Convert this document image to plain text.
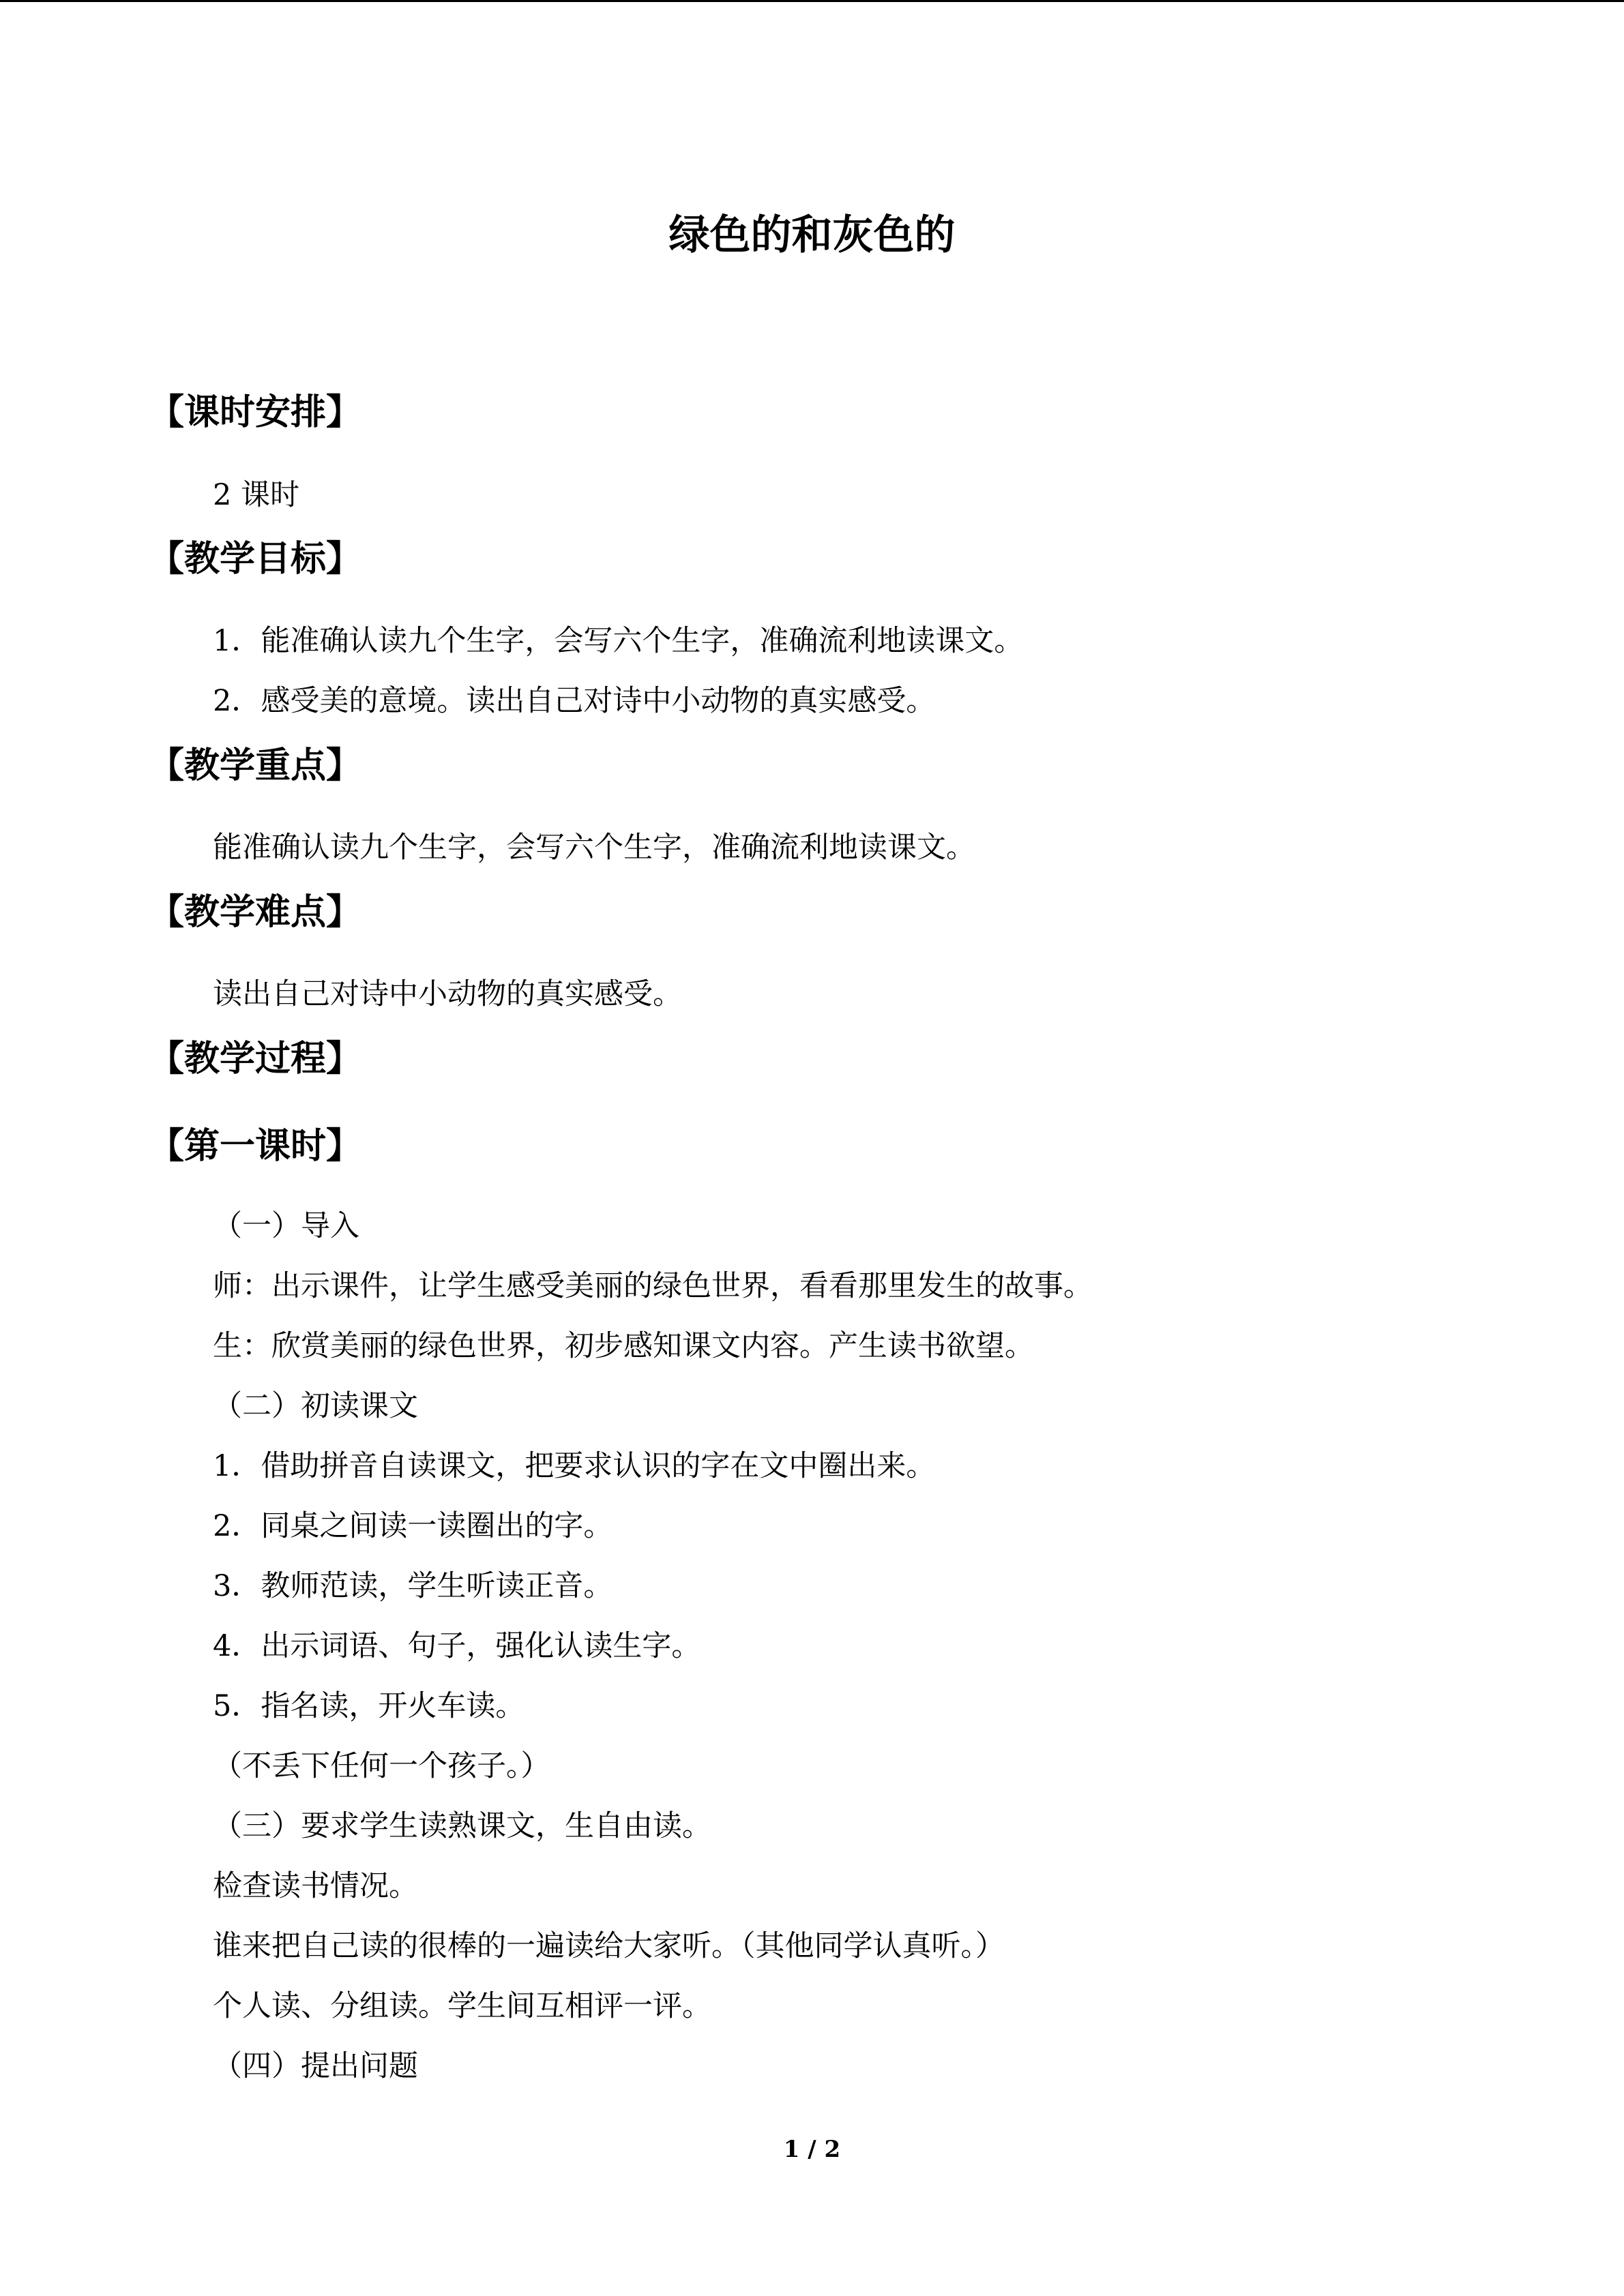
绿色的和灰色的
【课时安排】
2 课时
【教学目标】
1．能准确认读九个生字，会写六个生字，准确流利地读课文。
2．感受美的意境。读出自己对诗中小动物的真实感受。
【教学重点】
能准确认读九个生字，会写六个生字，准确流利地读课文。
【教学难点】
读出自己对诗中小动物的真实感受。
【教学过程】
【第一课时】
（一）导入
师：出示课件，让学生感受美丽的绿色世界，看看那里发生的故事。
生：欣赏美丽的绿色世界，初步感知课文内容。产生读书欲望。
（二）初读课文
1．借助拼音自读课文，把要求认识的字在文中圈出来。
2．同桌之间读一读圈出的字。
3．教师范读，学生听读正音。
4．出示词语、句子，强化认读生字。
5．指名读，开火车读。
（不丢下任何一个孩子。）
（三）要求学生读熟课文，生自由读。
检查读书情况。
谁来把自己读的很棒的一遍读给大家听。（其他同学认真听。）
个人读、分组读。学生间互相评一评。
（四）提出问题
1 / 2
